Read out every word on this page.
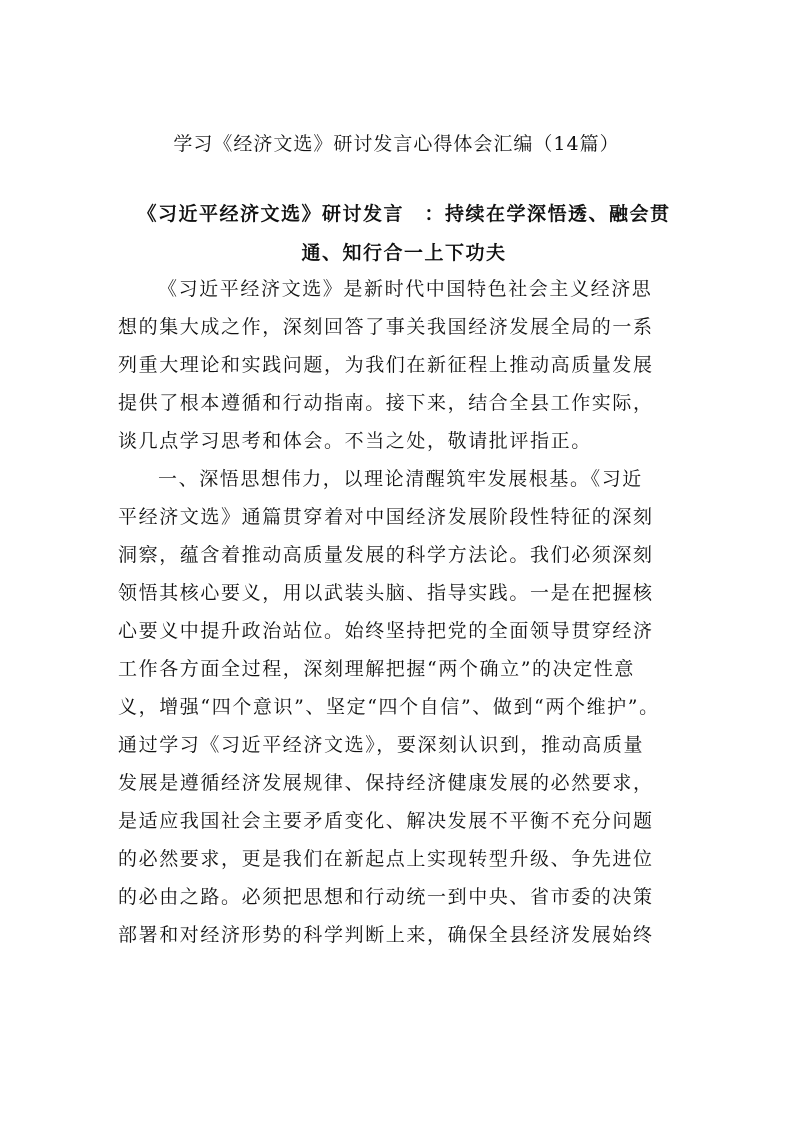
学习《经济文选》研讨发言心得体会汇编（14篇）
《习近平经济文选》研讨发言　：持续在学深悟透、融会贯
通、知行合一上下功夫
《习近平经济文选》是新时代中国特色社会主义经济思
想的集大成之作，深刻回答了事关我国经济发展全局的一系
列重大理论和实践问题，为我们在新征程上推动高质量发展
提供了根本遵循和行动指南。接下来，结合全县工作实际，
谈几点学习思考和体会。不当之处，敬请批评指正。
一、深悟思想伟力，以理论清醒筑牢发展根基。《习近
平经济文选》通篇贯穿着对中国经济发展阶段性特征的深刻
洞察，蕴含着推动高质量发展的科学方法论。我们必须深刻
领悟其核心要义，用以武装头脑、指导实践。一是在把握核
心要义中提升政治站位。始终坚持把党的全面领导贯穿经济
工作各方面全过程，深刻理解把握“两个确立”的决定性意
义，增强“四个意识”、坚定“四个自信”、做到“两个维护”。
通过学习《习近平经济文选》，要深刻认识到，推动高质量
发展是遵循经济发展规律、保持经济健康发展的必然要求，
是适应我国社会主要矛盾变化、解决发展不平衡不充分问题
的必然要求，更是我们在新起点上实现转型升级、争先进位
的必由之路。必须把思想和行动统一到中央、省市委的决策
部署和对经济形势的科学判断上来，确保全县经济发展始终
